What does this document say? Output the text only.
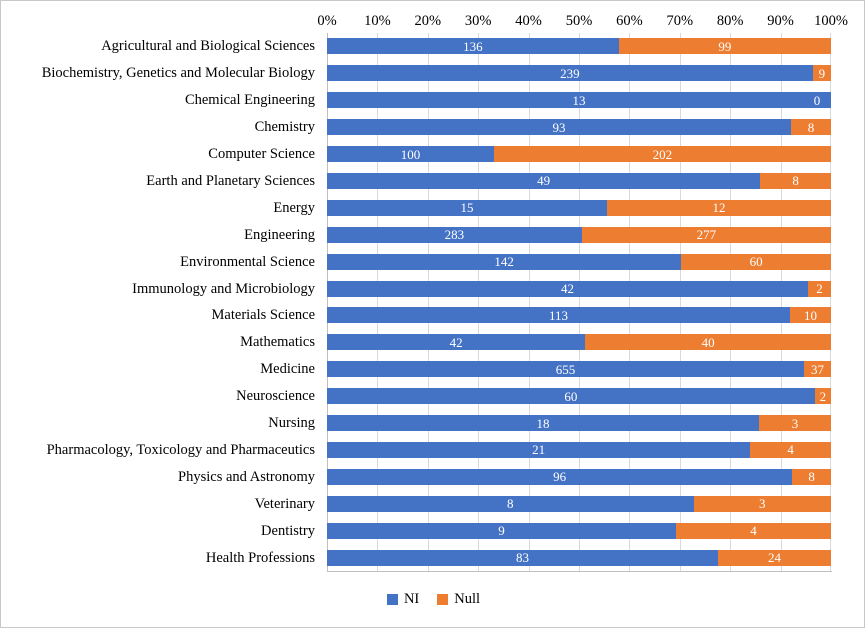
0% 10% 20% 30% 40% 50% 60% 70% 80% 90% 100%
136	99
239	9
13	0
93	8
100	202
49	8
15	12
283	277
142	60
42	2
113	10
42	40
655	37
60	2
18	3
21	4
96	8
8	3
9	4
83	24
Agricultural and Biological Sciences
Biochemistry, Genetics and Molecular Biology
Chemical Engineering
Chemistry
Computer Science
Earth and Planetary Sciences
Energy
Engineering
Environmental Science
Immunology and Microbiology
Materials Science
Mathematics
Medicine
Neuroscience
Nursing
Pharmacology, Toxicology and Pharmaceutics
Physics and Astronomy
Veterinary
Dentistry
Health Professions
NI Null
